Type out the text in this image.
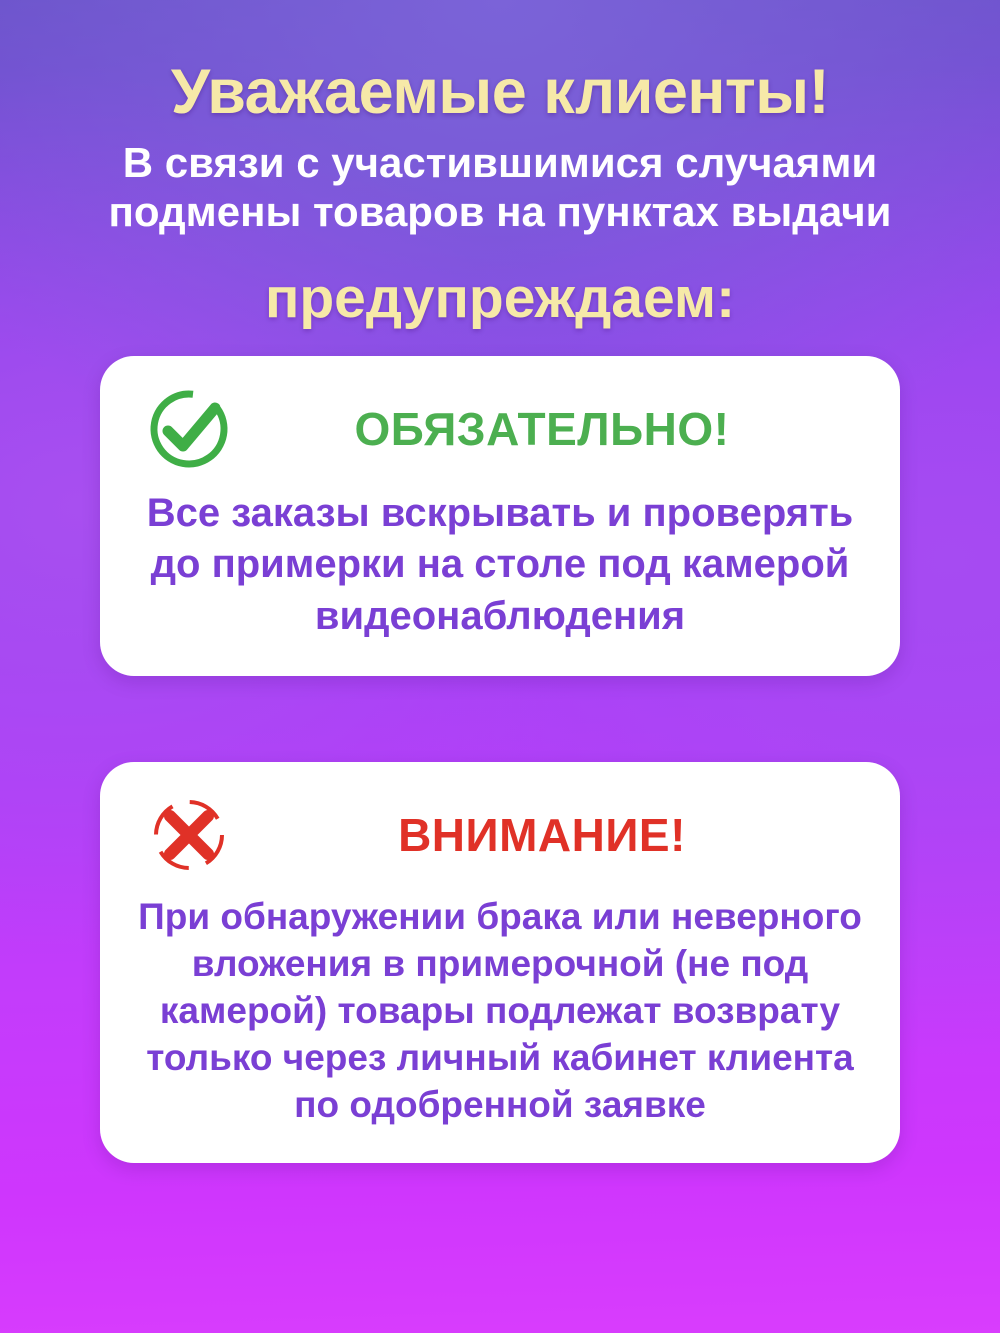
Уважаемые клиенты!
В связи с участившимися случаями подмены товаров на пунктах выдачи
предупреждаем:
ОБЯЗАТЕЛЬНО!
Все заказы вскрывать и проверять до примерки на столе под камерой видеонаблюдения
ВНИМАНИЕ!
При обнаружении брака или неверного вложения в примерочной (не под камерой) товары подлежат возврату только через личный кабинет клиента по одобренной заявке
